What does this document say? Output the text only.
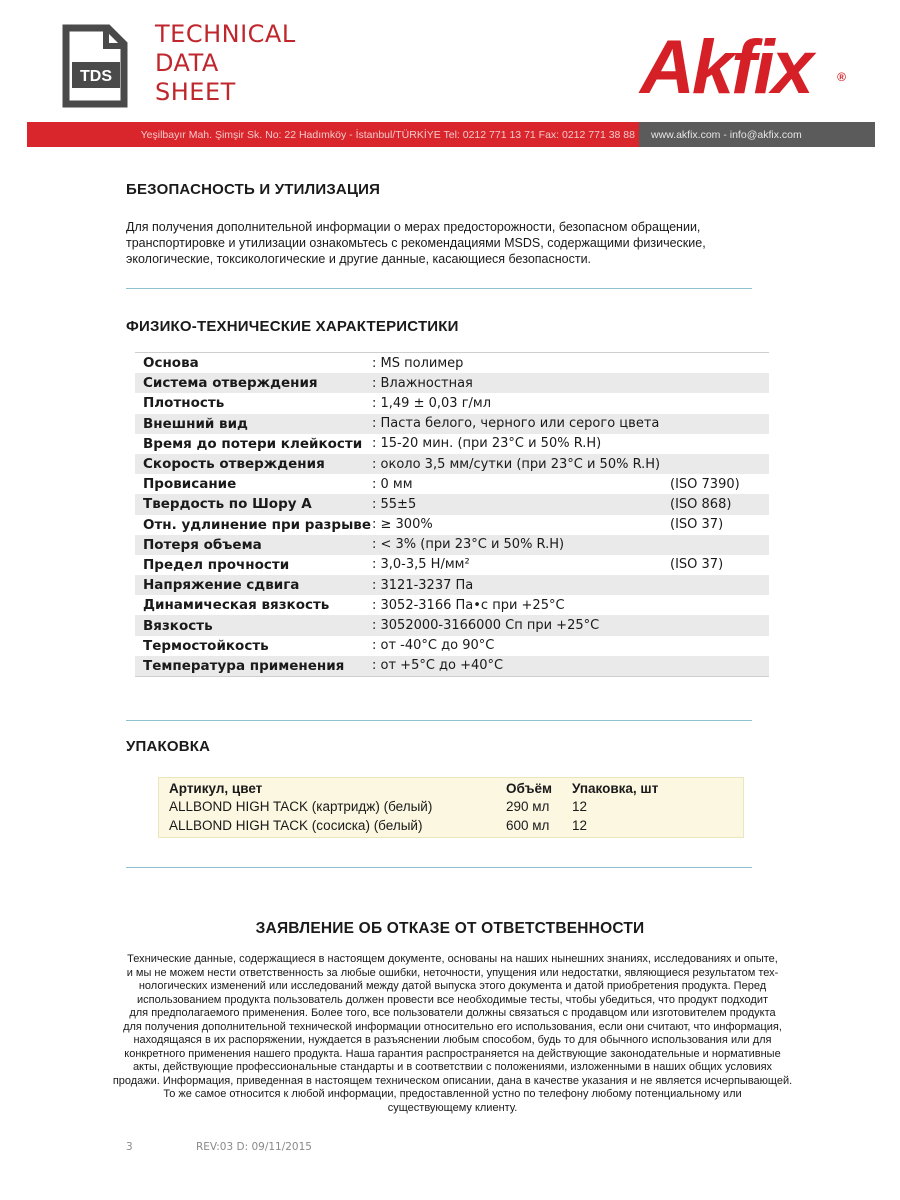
TDS
TECHNICAL
DATA
SHEET	Akfix ®
Yeşilbayır Mah. Şimşir Sk. No: 22 Hadımköy - İstanbul/TÜRKİYE Tel: 0212 771 13 71 Fax: 0212 771 38 88	www.akfix.com - info@akfix.com
БЕЗОПАСНОСТЬ И УТИЛИЗАЦИЯ
Для получения дополнительной информации о мерах предосторожности, безопасном обращении,
транспортировке и утилизации ознакомьтесь с рекомендациями MSDS, содержащими физические,
экологические, токсикологические и другие данные, касающиеся безопасности.
ФИЗИКО-ТЕХНИЧЕСКИЕ ХАРАКТЕРИСТИКИ
Основа	: MS полимер
Система отверждения	: Влажностная
Плотность	: 1,49 ± 0,03 г/мл
Внешний вид	: Паста белого, черного или серого цвета
Время до потери клейкости : 15-20 мин. (при 23°C и 50% R.H)
Скорость отверждения	: около 3,5 мм/сутки (при 23°C и 50% R.H)
Провисание	: 0 мм	(ISO 7390)
Твердость по Шору А	: 55±5	(ISO 868)
Отн. удлинение при разрыве : ≥ 300%	(ISO 37)
Потеря объема	: < 3% (при 23°C и 50% R.H)
Предел прочности	: 3,0-3,5 Н/мм²	(ISO 37)
Напряжение сдвига	: 3121-3237 Па
Динамическая вязкость	: 3052-3166 Па•с при +25°C
Вязкость	: 3052000-3166000 Сп при +25°C
Термостойкость	: от -40°C до 90°C
Температура применения	: от +5°C до +40°C
УПАКОВКА
Артикул, цвет	Объём Упаковка, шт
ALLBOND HIGH TACK (картридж) (белый)	290 мл 12
ALLBOND HIGH TACK (сосиска) (белый)	600 мл 12
ЗАЯВЛЕНИЕ ОБ ОТКАЗЕ ОТ ОТВЕТСТВЕННОСТИ
Технические данные, содержащиеся в настоящем документе, основаны на наших нынешних знаниях, исследованиях и опыте,
и мы не можем нести ответственность за любые ошибки, неточности, упущения или недостатки, являющиеся результатом тех-
нологических изменений или исследований между датой выпуска этого документа и датой приобретения продукта. Перед
использованием продукта пользователь должен провести все необходимые тесты, чтобы убедиться, что продукт подходит
для предполагаемого применения. Более того, все пользователи должны связаться с продавцом или изготовителем продукта
для получения дополнительной технической информации относительно его использования, если они считают, что информация,
находящаяся в их распоряжении, нуждается в разъяснении любым способом, будь то для обычного использования или для
конкретного применения нашего продукта. Наша гарантия распространяется на действующие законодательные и нормативные
акты, действующие профессиональные стандарты и в соответствии с положениями, изложенными в наших общих условиях
продажи. Информация, приведенная в настоящем техническом описании, дана в качестве указания и не является исчерпывающей.
То же самое относится к любой информации, предоставленной устно по телефону любому потенциальному или
существующему клиенту.
3	REV:03 D: 09/11/2015
